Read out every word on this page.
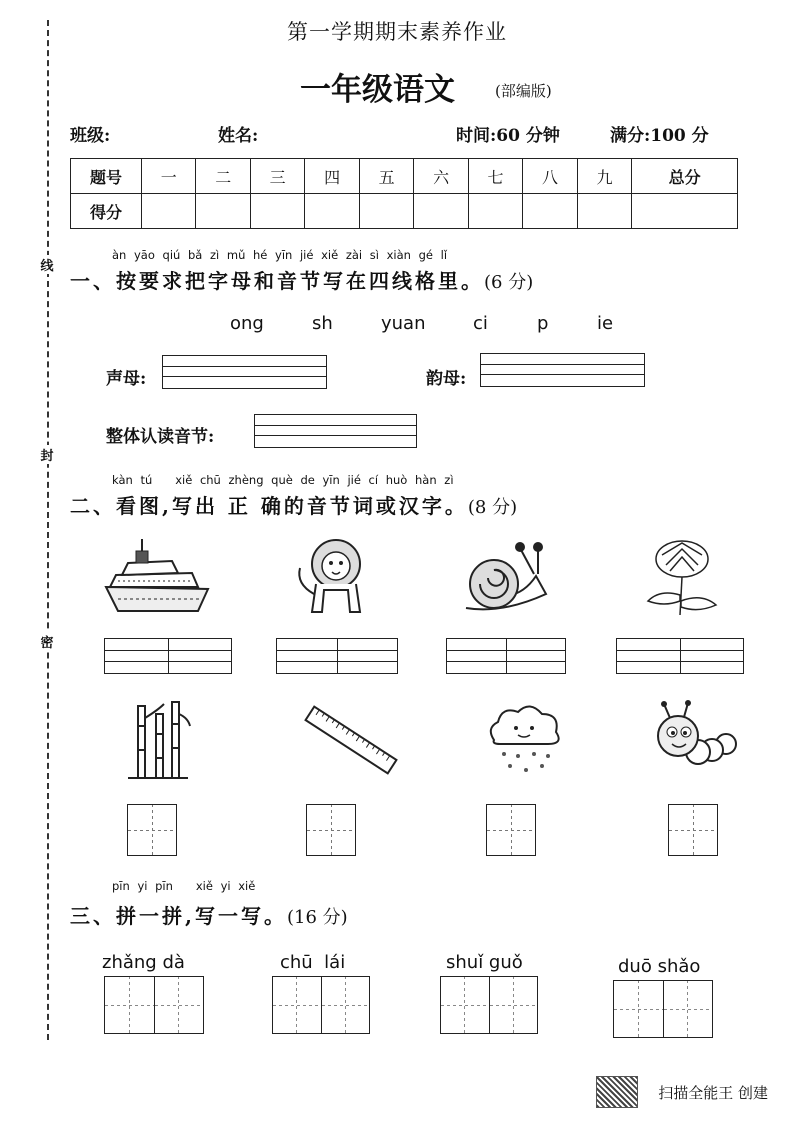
线
封
密
第一学期期末素养作业
一年级语文	(部编版)
班级:	姓名:	时间:60 分钟	满分:100 分
题号	一	二	三	四	五	六	七	八	九	总分
得分										
àn yāo qiú bǎ zì mǔ hé yīn jié xiě zài sì xiàn gé lǐ
一、按要求把字母和音节写在四线格里。(6 分)
ong	sh	yuan	ci	p	ie
声母:	韵母:
整体认读音节:
kàn tú   xiě chū zhèng què de yīn jié cí huò hàn zì
二、看图,写出 正 确的音节词或汉字。(8 分)
pīn yi pīn   xiě yi xiě
三、拼一拼,写一写。(16 分)
zhǎng dà	chū  lái	shuǐ guǒ	duō shǎo
扫描全能王 创建
